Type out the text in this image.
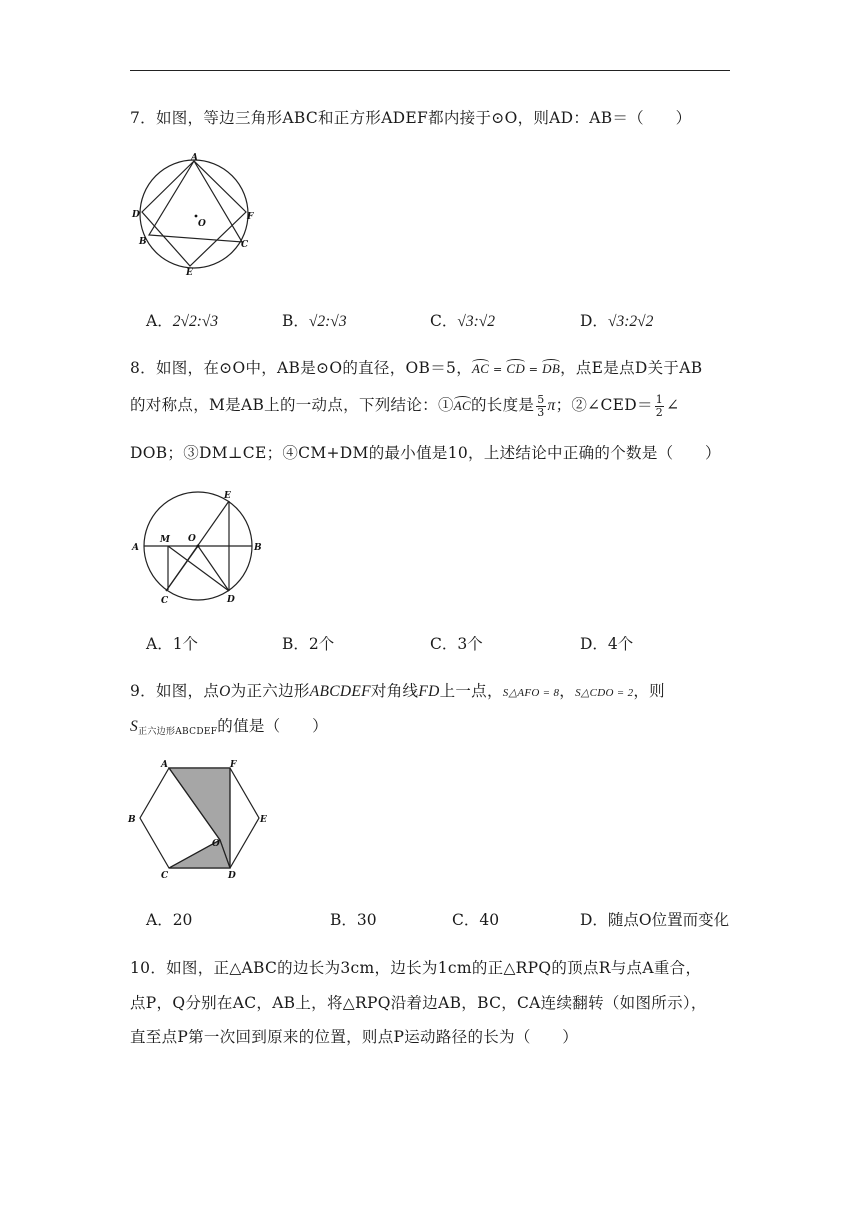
7．如图，等边三角形ABC和正方形ADEF都内接于⊙O，则AD：AB＝（　　）
A
D	F
O
B	C
E
A．2√2:√3	B．√2:√3	C．√3:√2	D．√3:2√2
8．如图，在⊙O中，AB是⊙O的直径，OB＝5，AC = CD = DB，点E是点D关于AB
的对称点，M是AB上的一动点，下列结论：①AC的长度是 $\frac{5}{3}$ π；②∠CED＝ $\frac{1}{2}$ ∠
DOB；③DM⊥CE；④CM+DM的最小值是10，上述结论中正确的个数是（　　）
E
M O
A	B
C	D
A．1个	B．2个	C．3个	D．4个
9．如图，点O为正六边形ABCDEF对角线FD上一点，S△AFO = 8，S△CDO = 2，则
S正六边形ABCDEF的值是（　　）
A	F
B	E
O
C	D
A．20	B．30	C．40	D．随点O位置而变化
10．如图，正△ABC的边长为3cm，边长为1cm的正△RPQ的顶点R与点A重合，
点P，Q分别在AC，AB上，将△RPQ沿着边AB，BC，CA连续翻转（如图所示），
直至点P第一次回到原来的位置，则点P运动路径的长为（　　）
